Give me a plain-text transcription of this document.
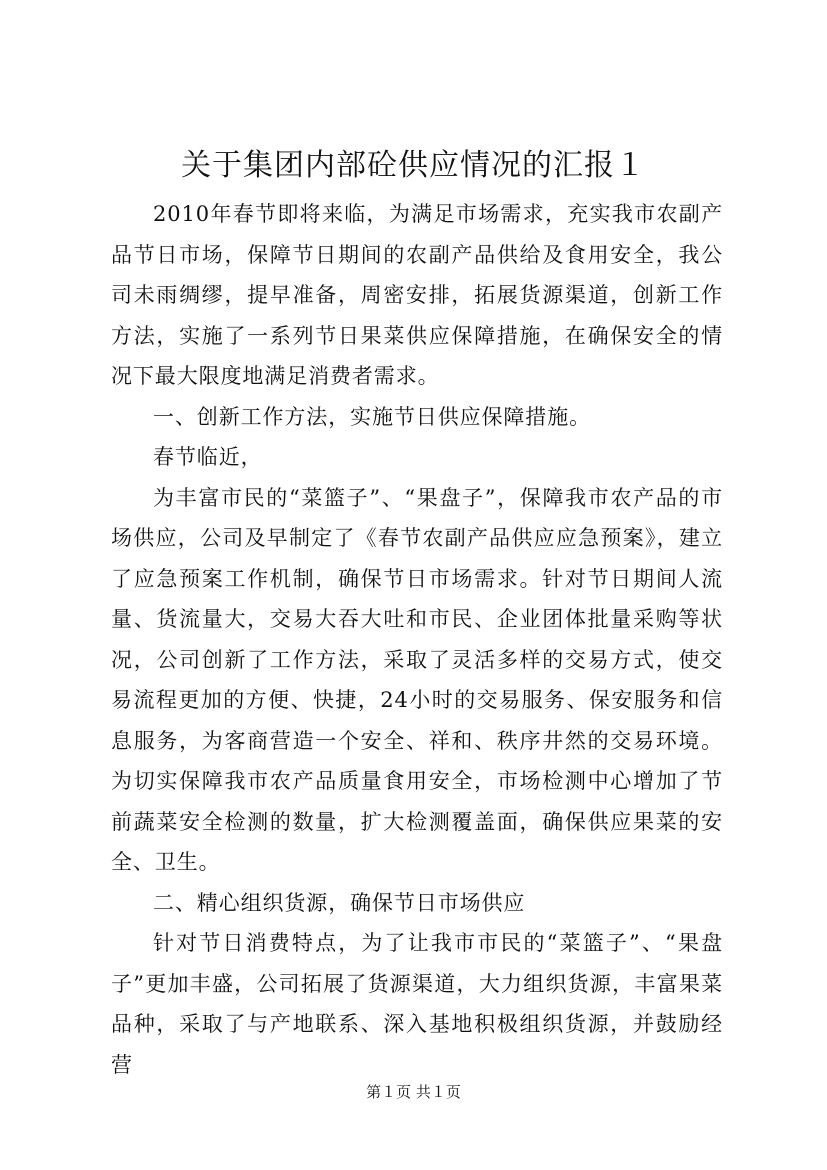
关于集团内部砼供应情况的汇报１

2010年春节即将来临，为满足市场需求，充实我市农副产品节日市场，保障节日期间的农副产品供给及食用安全，我公司未雨绸缪，提早准备，周密安排，拓展货源渠道，创新工作方法，实施了一系列节日果菜供应保障措施，在确保安全的情况下最大限度地满足消费者需求。

一、创新工作方法，实施节日供应保障措施。

春节临近，

为丰富市民的“菜篮子”、“果盘子”，保障我市农产品的市场供应，公司及早制定了《春节农副产品供应应急预案》，建立了应急预案工作机制，确保节日市场需求。针对节日期间人流量、货流量大，交易大吞大吐和市民、企业团体批量采购等状况，公司创新了工作方法，采取了灵活多样的交易方式，使交易流程更加的方便、快捷，24小时的交易服务、保安服务和信息服务，为客商营造一个安全、祥和、秩序井然的交易环境。为切实保障我市农产品质量食用安全，市场检测中心增加了节前蔬菜安全检测的数量，扩大检测覆盖面，确保供应果菜的安全、卫生。

二、精心组织货源，确保节日市场供应

针对节日消费特点，为了让我市市民的“菜篮子”、“果盘子”更加丰盛，公司拓展了货源渠道，大力组织货源，丰富果菜品种，采取了与产地联系、深入基地积极组织货源，并鼓励经营

第１页 共１页
